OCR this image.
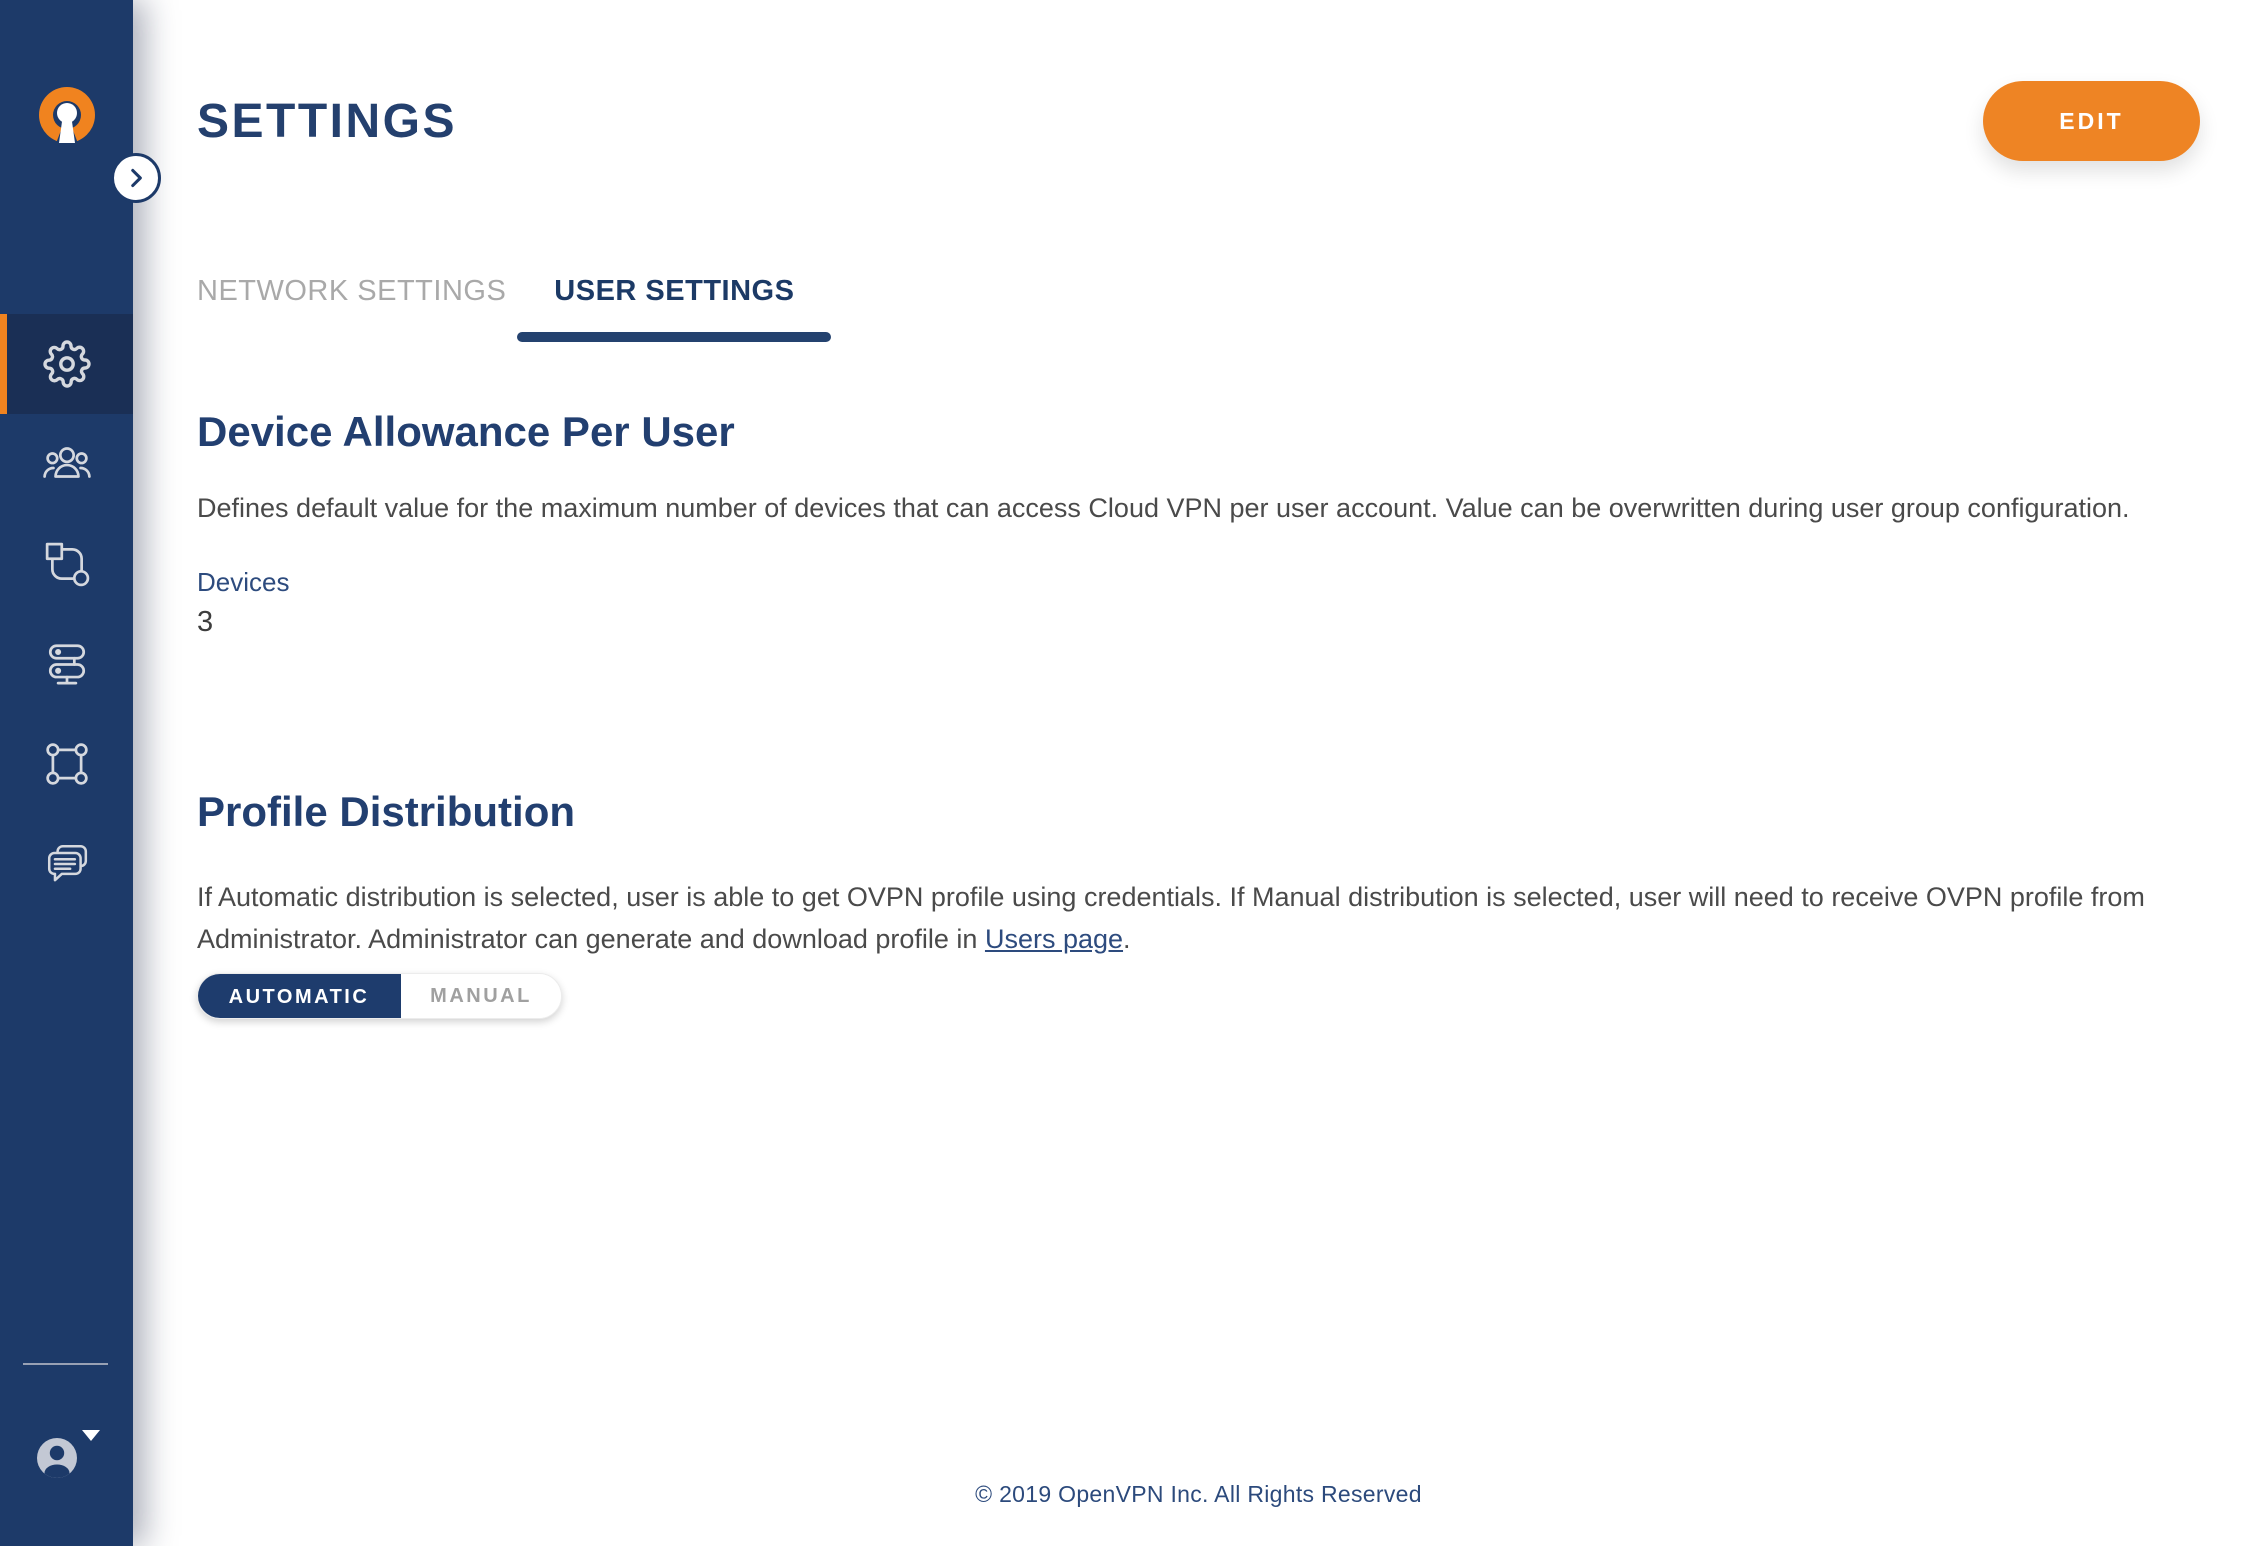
SETTINGS	EDIT
NETWORK SETTINGS USER SETTINGS
Device Allowance Per User

Defines default value for the maximum number of devices that can access Cloud VPN per user account. Value can be overwritten during user group configuration.

Devices
3
Profile Distribution

If Automatic distribution is selected, user is able to get OVPN profile using credentials. If Manual distribution is selected, user will need to receive OVPN profile from Administrator. Administrator can generate and download profile in Users page.

AUTOMATIC	MANUAL
© 2019 OpenVPN Inc. All Rights Reserved
